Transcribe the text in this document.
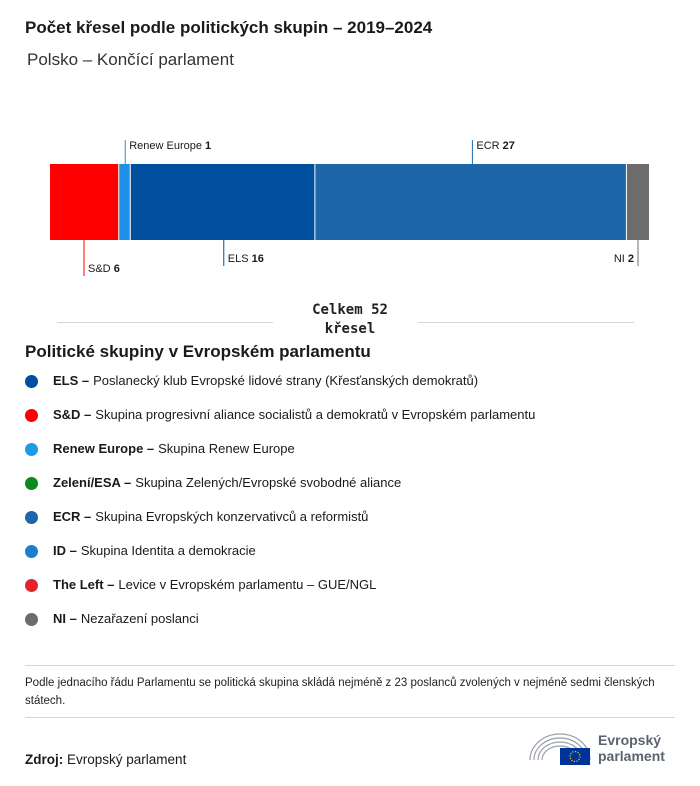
Počet křesel podle politických skupin – 2019–2024
Polsko – Končící parlament
S&D 6
Renew Europe 1
ELS 16
ECR 27
NI 2
Celkem 52
křesel
Politické skupiny v Evropském parlamentu
ELS – Poslanecký klub Evropské lidové strany (Křesťanských demokratů)
S&D – Skupina progresivní aliance socialistů a demokratů v Evropském parlamentu
Renew Europe – Skupina Renew Europe
Zelení/ESA – Skupina Zelených/Evropské svobodné aliance
ECR – Skupina Evropských konzervativců a reformistů
ID – Skupina Identita a demokracie
The Left – Levice v Evropském parlamentu – GUE/NGL
NI – Nezařazení poslanci
Podle jednacího řádu Parlamentu se politická skupina skládá nejméně z 23 poslanců zvolených v nejméně sedmi členských státech.
Zdroj: Evropský parlament
Evropský
parlament
